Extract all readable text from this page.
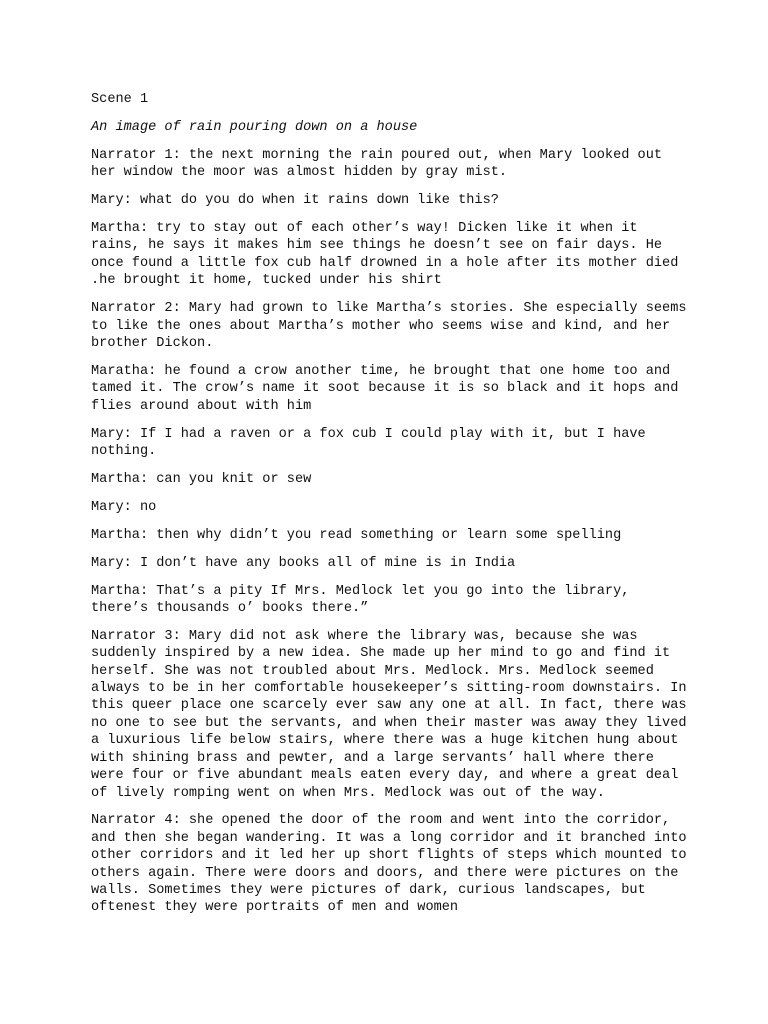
Scene 1

An image of rain pouring down on a house

Narrator 1: the next morning the rain poured out, when Mary looked out her window the moor was almost hidden by gray mist.

Mary: what do you do when it rains down like this?

Martha: try to stay out of each other’s way! Dicken like it when it rains, he says it makes him see things he doesn’t see on fair days. He once found a little fox cub half drowned in a hole after its mother died .he brought it home, tucked under his shirt

Narrator 2: Mary had grown to like Martha’s stories. She especially seems to like the ones about Martha’s mother who seems wise and kind, and her brother Dickon.

Maratha: he found a crow another time, he brought that one home too and tamed it. The crow’s name it soot because it is so black and it hops and flies around about with him

Mary: If I had a raven or a fox cub I could play with it, but I have nothing.

Martha: can you knit or sew

Mary: no

Martha: then why didn’t you read something or learn some spelling

Mary: I don’t have any books all of mine is in India

Martha: That’s a pity If Mrs. Medlock let you go into the library, there’s thousands o’ books there.”

Narrator 3: Mary did not ask where the library was, because she was suddenly inspired by a new idea. She made up her mind to go and find it herself. She was not troubled about Mrs. Medlock. Mrs. Medlock seemed always to be in her comfortable housekeeper’s sitting-room downstairs. In this queer place one scarcely ever saw any one at all. In fact, there was no one to see but the servants, and when their master was away they lived a luxurious life below stairs, where there was a huge kitchen hung about with shining brass and pewter, and a large servants’ hall where there were four or five abundant meals eaten every day, and where a great deal of lively romping went on when Mrs. Medlock was out of the way.

Narrator 4: she opened the door of the room and went into the corridor, and then she began wandering. It was a long corridor and it branched into other corridors and it led her up short flights of steps which mounted to others again. There were doors and doors, and there were pictures on the walls. Sometimes they were pictures of dark, curious landscapes, but oftenest they were portraits of men and women
